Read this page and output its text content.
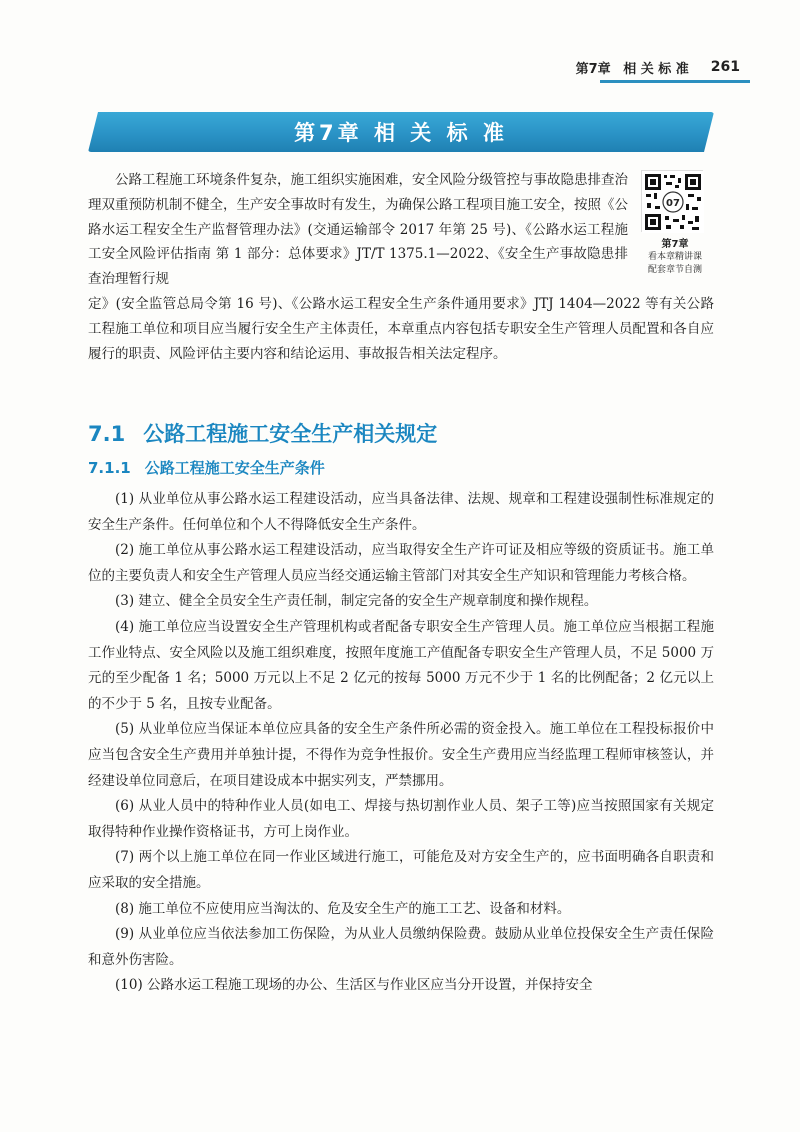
第7章 相 关 标 准 261
第7章 相 关 标 准
07
第7章
看本章精讲课
配套章节自测

公路工程施工环境条件复杂，施工组织实施困难，安全风险分级管控与事故隐患排查治理双重预防机制不健全，生产安全事故时有发生，为确保公路工程项目施工安全，按照《公路水运工程安全生产监督管理办法》(交通运输部令 2017 年第 25 号)、《公路水运工程施工安全风险评估指南 第 1 部分：总体要求》JT/T 1375.1—2022、《安全生产事故隐患排查治理暂行规

定》(安全监管总局令第 16 号)、《公路水运工程安全生产条件通用要求》JTJ 1404—2022 等有关公路工程施工单位和项目应当履行安全生产主体责任，本章重点内容包括专职安全生产管理人员配置和各自应履行的职责、风险评估主要内容和结论运用、事故报告相关法定程序。

7.1 公路工程施工安全生产相关规定
7.1.1 公路工程施工安全生产条件

(1) 从业单位从事公路水运工程建设活动，应当具备法律、法规、规章和工程建设强制性标准规定的安全生产条件。任何单位和个人不得降低安全生产条件。

(2) 施工单位从事公路水运工程建设活动，应当取得安全生产许可证及相应等级的资质证书。施工单位的主要负责人和安全生产管理人员应当经交通运输主管部门对其安全生产知识和管理能力考核合格。

(3) 建立、健全全员安全生产责任制，制定完备的安全生产规章制度和操作规程。

(4) 施工单位应当设置安全生产管理机构或者配备专职安全生产管理人员。施工单位应当根据工程施工作业特点、安全风险以及施工组织难度，按照年度施工产值配备专职安全生产管理人员，不足 5000 万元的至少配备 1 名；5000 万元以上不足 2 亿元的按每 5000 万元不少于 1 名的比例配备；2 亿元以上的不少于 5 名，且按专业配备。

(5) 从业单位应当保证本单位应具备的安全生产条件所必需的资金投入。施工单位在工程投标报价中应当包含安全生产费用并单独计提，不得作为竞争性报价。安全生产费用应当经监理工程师审核签认，并经建设单位同意后，在项目建设成本中据实列支，严禁挪用。

(6) 从业人员中的特种作业人员(如电工、焊接与热切割作业人员、架子工等)应当按照国家有关规定取得特种作业操作资格证书，方可上岗作业。

(7) 两个以上施工单位在同一作业区域进行施工，可能危及对方安全生产的，应书面明确各自职责和应采取的安全措施。

(8) 施工单位不应使用应当淘汰的、危及安全生产的施工工艺、设备和材料。

(9) 从业单位应当依法参加工伤保险，为从业人员缴纳保险费。鼓励从业单位投保安全生产责任保险和意外伤害险。

(10) 公路水运工程施工现场的办公、生活区与作业区应当分开设置，并保持安全
